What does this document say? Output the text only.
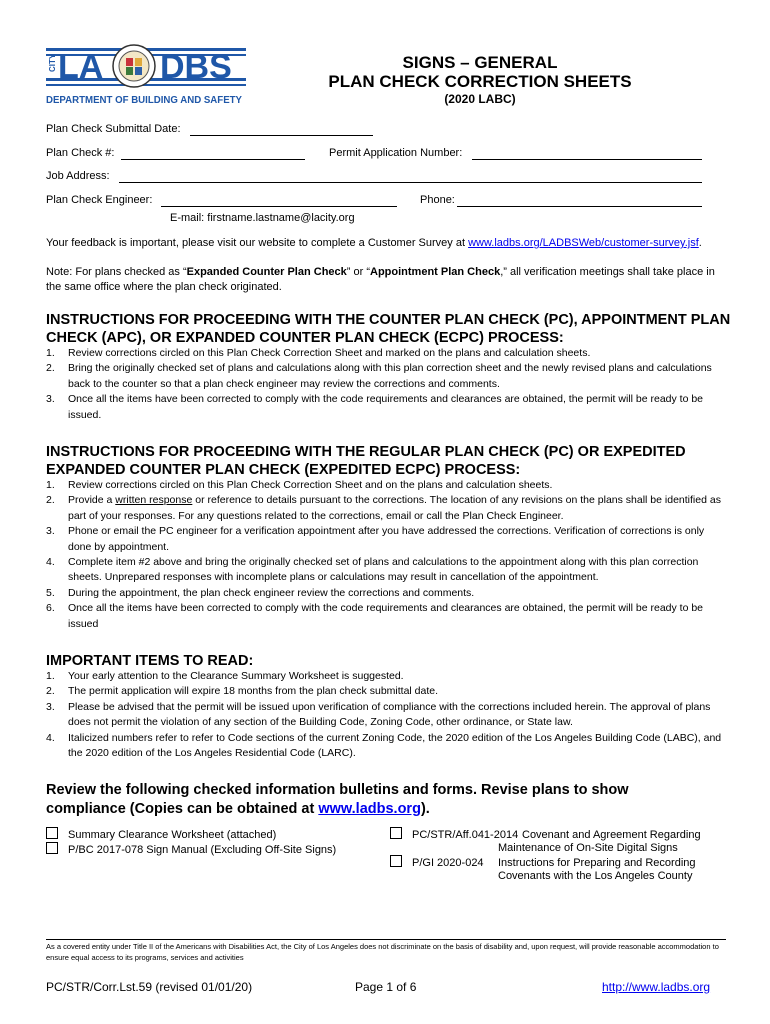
CITY LA DBS
DEPARTMENT OF BUILDING AND SAFETY
SIGNS – GENERAL
PLAN CHECK CORRECTION SHEETS
(2020 LABC)
Plan Check Submittal Date:
Plan Check #:	Permit Application Number:
Job Address:
Plan Check Engineer:	Phone:
E-mail: firstname.lastname@lacity.org
Your feedback is important, please visit our website to complete a Customer Survey at www.ladbs.org/LADBSWeb/customer-survey.jsf.
Note: For plans checked as “Expanded Counter Plan Check” or “Appointment Plan Check,” all verification meetings shall take place in the same office where the plan check originated.
INSTRUCTIONS FOR PROCEEDING WITH THE COUNTER PLAN CHECK (PC), APPOINTMENT PLAN CHECK (APC), OR EXPANDED COUNTER PLAN CHECK (ECPC) PROCESS:
1. Review corrections circled on this Plan Check Correction Sheet and marked on the plans and calculation sheets.
2. Bring the originally checked set of plans and calculations along with this plan correction sheet and the newly revised plans and calculations back to the counter so that a plan check engineer may review the corrections and comments.
3. Once all the items have been corrected to comply with the code requirements and clearances are obtained, the permit will be ready to be issued.
INSTRUCTIONS FOR PROCEEDING WITH THE REGULAR PLAN CHECK (PC) OR EXPEDITED EXPANDED COUNTER PLAN CHECK (EXPEDITED ECPC) PROCESS:
1. Review corrections circled on this Plan Check Correction Sheet and on the plans and calculation sheets.
2. Provide a written response or reference to details pursuant to the corrections. The location of any revisions on the plans shall be identified as part of your responses. For any questions related to the corrections, email or call the Plan Check Engineer.
3. Phone or email the PC engineer for a verification appointment after you have addressed the corrections. Verification of corrections is only done by appointment.
4. Complete item #2 above and bring the originally checked set of plans and calculations to the appointment along with this plan correction sheets. Unprepared responses with incomplete plans or calculations may result in cancellation of the appointment.
5. During the appointment, the plan check engineer review the corrections and comments.
6. Once all the items have been corrected to comply with the code requirements and clearances are obtained, the permit will be ready to be issued
IMPORTANT ITEMS TO READ:
1. Your early attention to the Clearance Summary Worksheet is suggested.
2. The permit application will expire 18 months from the plan check submittal date.
3. Please be advised that the permit will be issued upon verification of compliance with the corrections included herein. The approval of plans does not permit the violation of any section of the Building Code, Zoning Code, other ordinance, or State law.
4. Italicized numbers refer to refer to Code sections of the current Zoning Code, the 2020 edition of the Los Angeles Building Code (LABC), and the 2020 edition of the Los Angeles Residential Code (LARC).
Review the following checked information bulletins and forms. Revise plans to show
compliance (Copies can be obtained at www.ladbs.org).
Summary Clearance Worksheet (attached)
P/BC 2017-078 Sign Manual (Excluding Off-Site Signs)
PC/STR/Aff.041-2014 Covenant and Agreement Regarding
Maintenance of On-Site Digital Signs
P/GI 2020-024 Instructions for Preparing and Recording
Covenants with the Los Angeles County
As a covered entity under Title II of the Americans with Disabilities Act, the City of Los Angeles does not discriminate on the basis of disability and, upon request, will provide reasonable accommodation to ensure equal access to its programs, services and activities
PC/STR/Corr.Lst.59 (revised 01/01/20)	Page 1 of 6	http://www.ladbs.org
